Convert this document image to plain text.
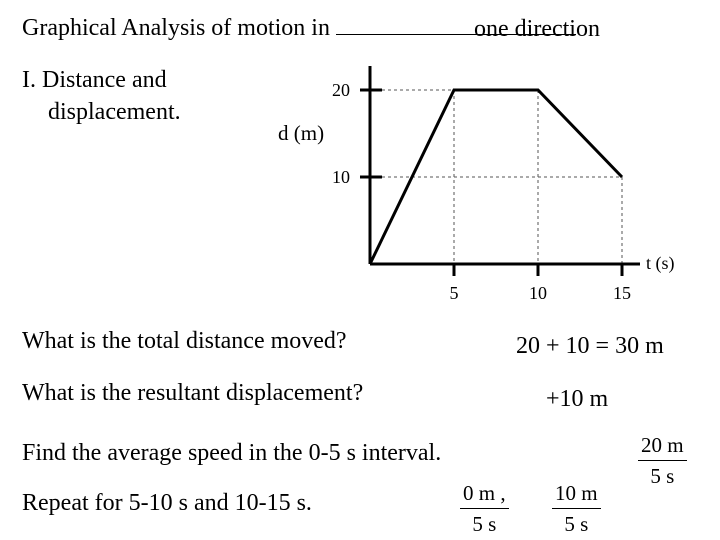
Graphical Analysis of motion in	one direction
I. Distance and
displacement.
10
20
5	10	15
d (m)
t (s)
What is the total distance moved?	20 + 10 = 30 m
What is the resultant displacement?	+10 m
Find the average speed in the 0-5 s interval.	$\frac{20 m}{5 s}$
Repeat for 5-10 s and 10-15 s.	$\frac{0 m ,}{5 s} \frac{10 m}{5 s}$
